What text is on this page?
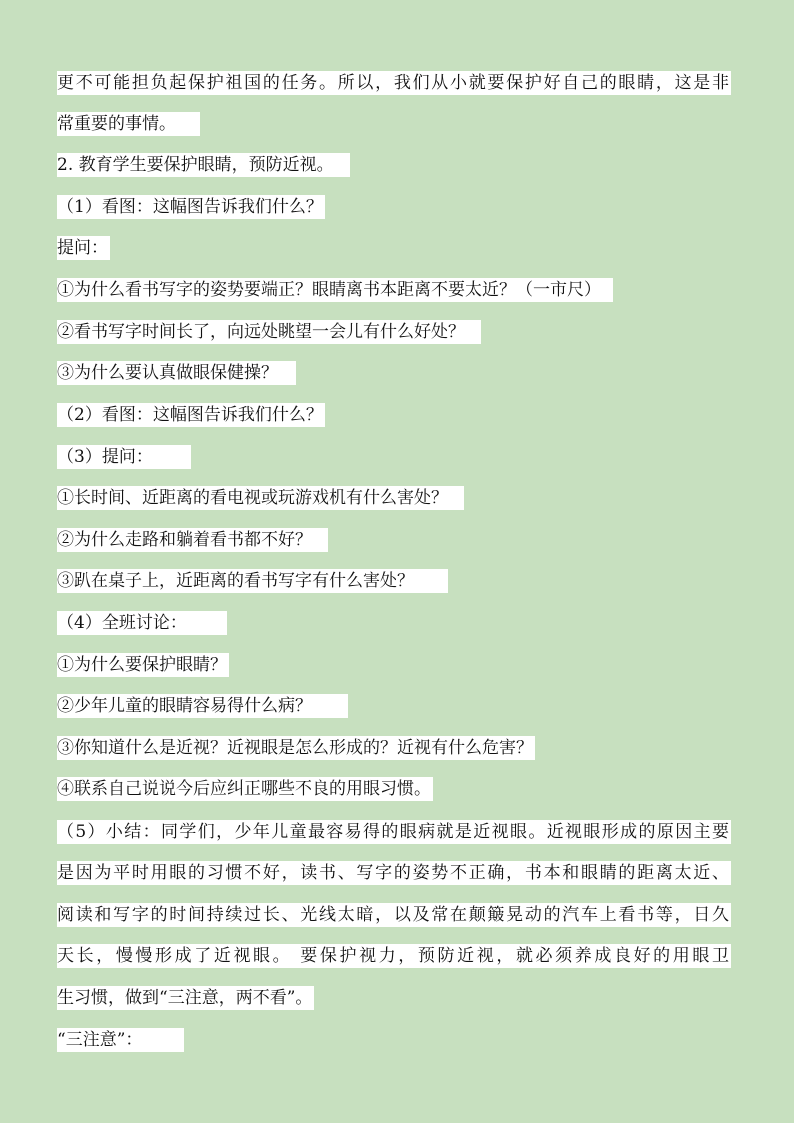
更不可能担负起保护祖国的任务。所以，我们从小就要保护好自己的眼睛，这是非
常重要的事情。
2. 教育学生要保护眼睛，预防近视。
（1）看图：这幅图告诉我们什么？
提问：
①为什么看书写字的姿势要端正？眼睛离书本距离不要太近？（一市尺）
②看书写字时间长了，向远处眺望一会儿有什么好处？
③为什么要认真做眼保健操？
（2）看图：这幅图告诉我们什么？
（3）提问：
①长时间、近距离的看电视或玩游戏机有什么害处？
②为什么走路和躺着看书都不好？
③趴在桌子上，近距离的看书写字有什么害处？
（4）全班讨论：
①为什么要保护眼睛？
②少年儿童的眼睛容易得什么病？
③你知道什么是近视？近视眼是怎么形成的？近视有什么危害？
④联系自己说说今后应纠正哪些不良的用眼习惯。
（5）小结：同学们，少年儿童最容易得的眼病就是近视眼。近视眼形成的原因主要
是因为平时用眼的习惯不好，读书、写字的姿势不正确，书本和眼睛的距离太近、
阅读和写字的时间持续过长、光线太暗，以及常在颠簸晃动的汽车上看书等，日久
天长，慢慢形成了近视眼。 要保护视力，预防近视，就必须养成良好的用眼卫
生习惯，做到“三注意，两不看”。
“三注意”：
